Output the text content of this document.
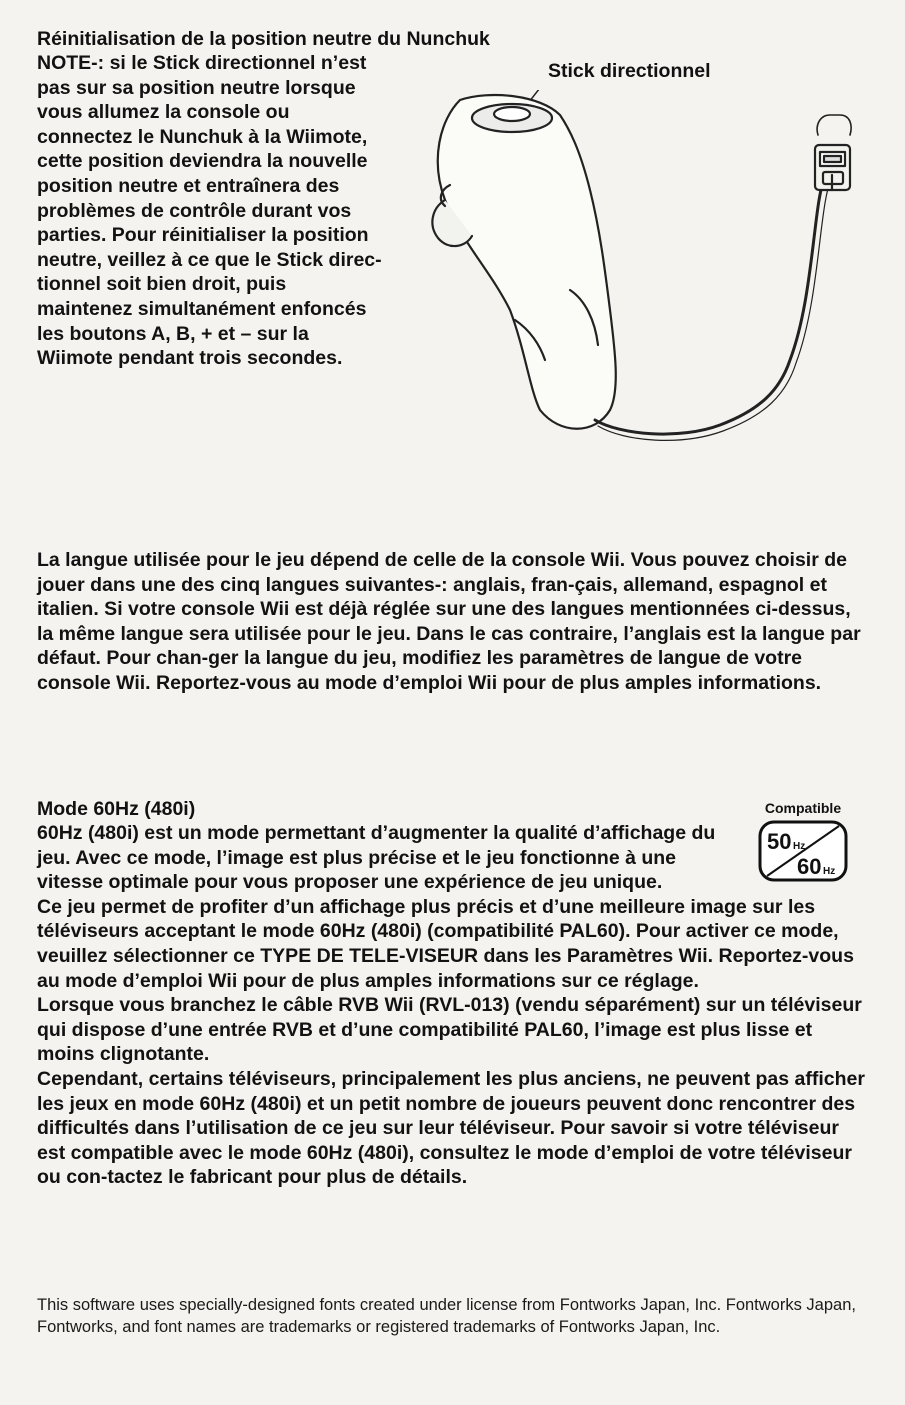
Réinitialisation de la position neutre du Nunchuk

NOTE-: si le Stick directionnel n’est pas sur sa position neutre lorsque vous allumez la console ou connectez le Nunchuk à la Wiimote, cette position deviendra la nouvelle position neutre et entraînera des problèmes de contrôle durant vos parties. Pour réinitialiser la position neutre, veillez à ce que le Stick direc-tionnel soit bien droit, puis maintenez simultanément enfoncés les boutons A, B, + et – sur la Wiimote pendant trois secondes.

Stick directionnel

La langue utilisée pour le jeu dépend de celle de la console Wii. Vous pouvez choisir de jouer dans une des cinq langues suivantes-: anglais, fran-çais, allemand, espagnol et italien. Si votre console Wii est déjà réglée sur une des langues mentionnées ci-dessus, la même langue sera utilisée pour le jeu. Dans le cas contraire, l’anglais est la langue par défaut. Pour chan-ger la langue du jeu, modifiez les paramètres de langue de votre console Wii. Reportez-vous au mode d’emploi Wii pour de plus amples informations.

Mode 60Hz (480i)

60Hz (480i) est un mode permettant d’augmenter la qualité d’affichage du jeu. Avec ce mode, l’image est plus précise et le jeu fonctionne à une vitesse optimale pour vous proposer une expérience de jeu unique.

Ce jeu permet de profiter d’un affichage plus précis et d’une meilleure image sur les téléviseurs acceptant le mode 60Hz (480i) (compatibilité PAL60). Pour activer ce mode, veuillez sélectionner ce TYPE DE TELE-VISEUR dans les Paramètres Wii. Reportez-vous au mode d’emploi Wii pour de plus amples informations sur ce réglage.

Lorsque vous branchez le câble RVB Wii (RVL-013) (vendu séparément) sur un téléviseur qui dispose d’une entrée RVB et d’une compatibilité PAL60, l’image est plus lisse et moins clignotante.

Cependant, certains téléviseurs, principalement les plus anciens, ne peuvent pas afficher les jeux en mode 60Hz (480i) et un petit nombre de joueurs peuvent donc rencontrer des difficultés dans l’utilisation de ce jeu sur leur téléviseur. Pour savoir si votre téléviseur est compatible avec le mode 60Hz (480i), consultez le mode d’emploi de votre téléviseur ou con-tactez le fabricant pour plus de détails.

Compatible
50 Hz
60 Hz
This software uses specially-designed fonts created under license from Fontworks Japan, Inc. Fontworks Japan, Fontworks, and font names are trademarks or registered trademarks of Fontworks Japan, Inc.
